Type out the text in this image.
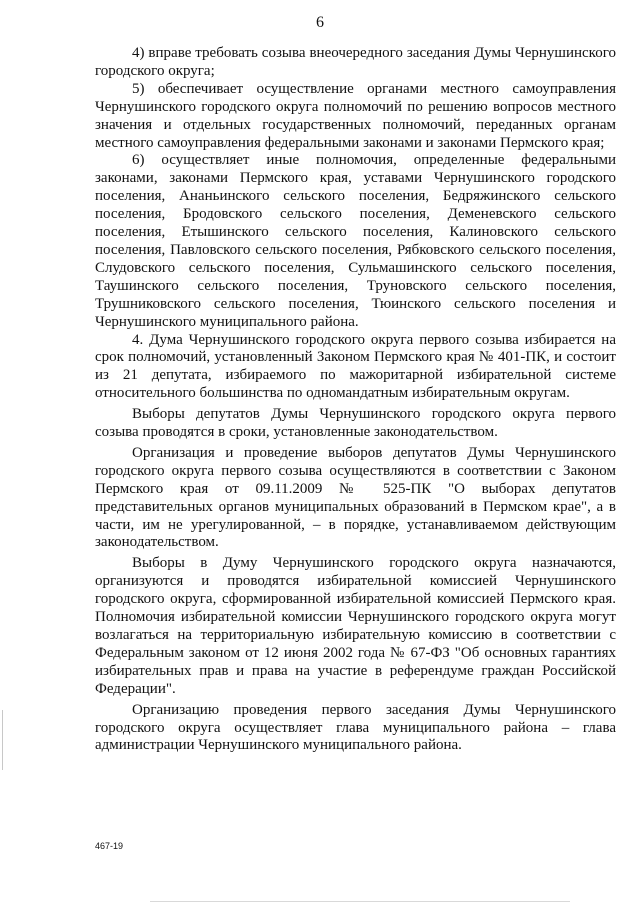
6

4) вправе требовать созыва внеочередного заседания Думы Чернушинского городского округа;

5) обеспечивает осуществление органами местного самоуправления Чернушинского городского округа полномочий по решению вопросов местного значения и отдельных государственных полномочий, переданных органам местного самоуправления федеральными законами и законами Пермского края;

6) осуществляет иные полномочия, определенные федеральными законами, законами Пермского края, уставами Чернушинского городского поселения, Ананьинского сельского поселения, Бедряжинского сельского поселения, Бродовского сельского поселения, Деменевского сельского поселения, Етышинского сельского поселения, Калиновского сельского поселения, Павловского сельского поселения, Рябковского сельского поселения, Слудовского сельского поселения, Сульмашинского сельского поселения, Таушинского сельского поселения, Труновского сельского поселения, Трушниковского сельского поселения, Тюинского сельского поселения и Чернушинского муниципального района.

4. Дума Чернушинского городского округа первого созыва избирается на срок полномочий, установленный Законом Пермского края № 401-ПК, и состоит из 21 депутата, избираемого по мажоритарной избирательной системе относительного большинства по одномандатным избирательным округам.

Выборы депутатов Думы Чернушинского городского округа первого созыва проводятся в сроки, установленные законодательством.

Организация и проведение выборов депутатов Думы Чернушинского городского округа первого созыва осуществляются в соответствии с Законом Пермского края от 09.11.2009 № 525-ПК "О выборах депутатов представительных органов муниципальных образований в Пермском крае", а в части, им не урегулированной, – в порядке, устанавливаемом действующим законодательством.

Выборы в Думу Чернушинского городского округа назначаются, организуются и проводятся избирательной комиссией Чернушинского городского округа, сформированной избирательной комиссией Пермского края. Полномочия избирательной комиссии Чернушинского городского округа могут возлагаться на территориальную избирательную комиссию в соответствии с Федеральным законом от 12 июня 2002 года № 67-ФЗ "Об основных гарантиях избирательных прав и права на участие в референдуме граждан Российской Федерации".

Организацию проведения первого заседания Думы Чернушинского городского округа осуществляет глава муниципального района – глава администрации Чернушинского муниципального района.

467-19
